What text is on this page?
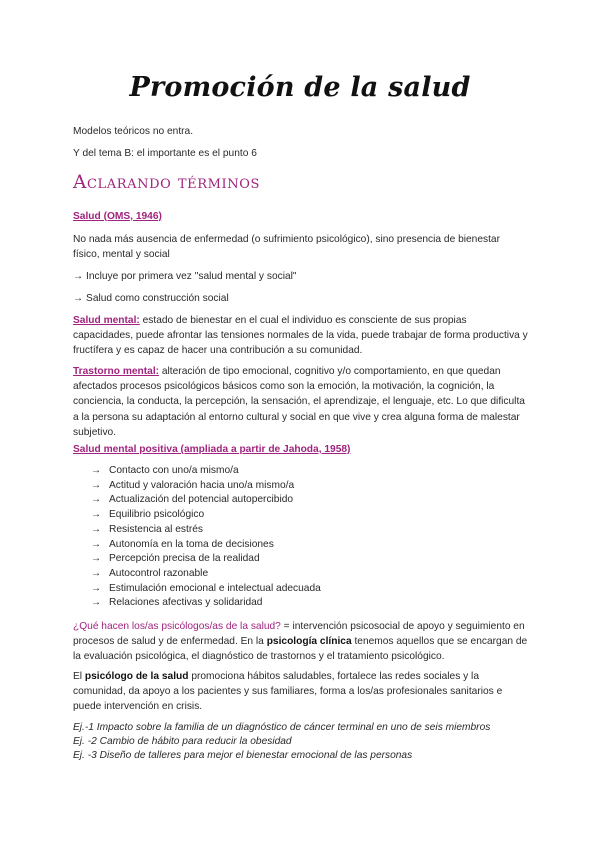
Promoción de la salud
Modelos teóricos no entra.
Y del tema B: el importante es el punto 6
Aclarando términos
Salud (OMS, 1946)
No nada más ausencia de enfermedad (o sufrimiento psicológico), sino presencia de bienestar físico, mental y social
→ Incluye por primera vez "salud mental y social"
→ Salud como construcción social
Salud mental: estado de bienestar en el cual el individuo es consciente de sus propias capacidades, puede afrontar las tensiones normales de la vida, puede trabajar de forma productiva y fructífera y es capaz de hacer una contribución a su comunidad.
Trastorno mental: alteración de tipo emocional, cognitivo y/o comportamiento, en que quedan afectados procesos psicológicos básicos como son la emoción, la motivación, la cognición, la conciencia, la conducta, la percepción, la sensación, el aprendizaje, el lenguaje, etc. Lo que dificulta a la persona su adaptación al entorno cultural y social en que vive y crea alguna forma de malestar subjetivo.
Salud mental positiva (ampliada a partir de Jahoda, 1958)
→ Contacto con uno/a mismo/a
→ Actitud y valoración hacia uno/a mismo/a
→ Actualización del potencial autopercibido
→ Equilibrio psicológico
→ Resistencia al estrés
→ Autonomía en la toma de decisiones
→ Percepción precisa de la realidad
→ Autocontrol razonable
→ Estimulación emocional e intelectual adecuada
→ Relaciones afectivas y solidaridad
¿Qué hacen los/as psicólogos/as de la salud? = intervención psicosocial de apoyo y seguimiento en procesos de salud y de enfermedad. En la psicología clínica tenemos aquellos que se encargan de la evaluación psicológica, el diagnóstico de trastornos y el tratamiento psicológico.
El psicólogo de la salud promociona hábitos saludables, fortalece las redes sociales y la comunidad, da apoyo a los pacientes y sus familiares, forma a los/as profesionales sanitarios e puede intervención en crisis.
Ej.-1 Impacto sobre la familia de un diagnóstico de cáncer terminal en uno de seis miembros
Ej. -2 Cambio de hábito para reducir la obesidad
Ej. -3 Diseño de talleres para mejor el bienestar emocional de las personas
